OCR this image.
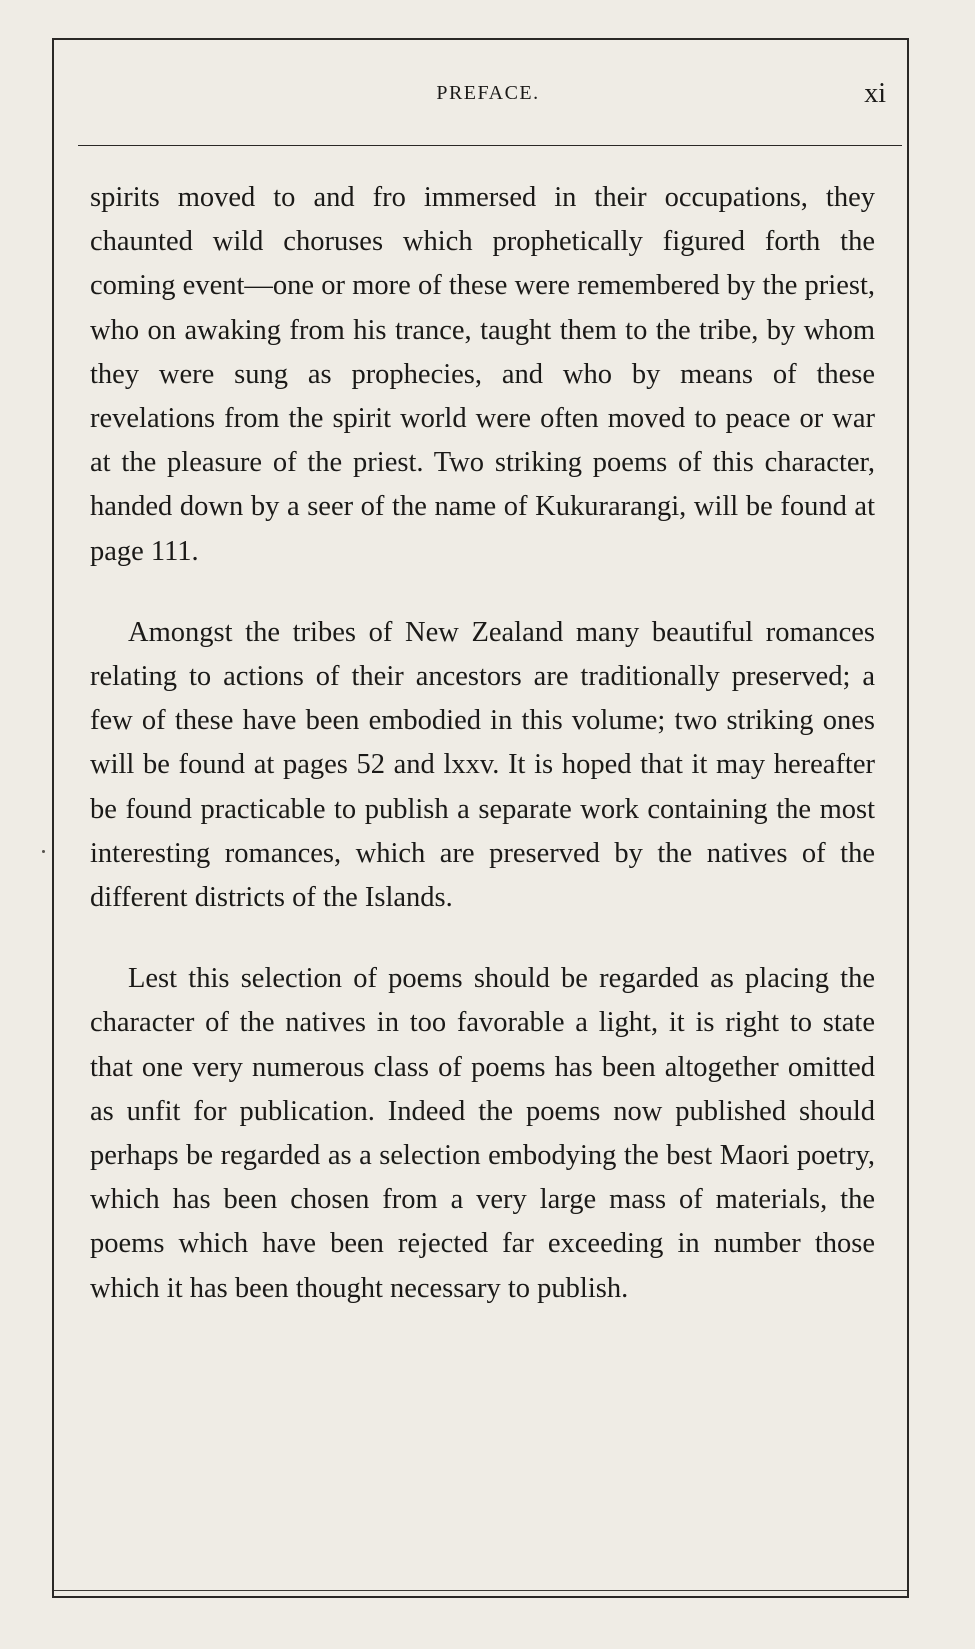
PREFACE.	xi

spirits moved to and fro immersed in their occupations, they chaunted wild choruses which prophetically figured forth the coming event—one or more of these were remembered by the priest, who on awaking from his trance, taught them to the tribe, by whom they were sung as prophecies, and who by means of these revelations from the spirit world were often moved to peace or war at the pleasure of the priest. Two striking poems of this character, handed down by a seer of the name of Kukurarangi, will be found at page 111.

Amongst the tribes of New Zealand many beautiful romances relating to actions of their ancestors are traditionally preserved; a few of these have been embodied in this volume; two striking ones will be found at pages 52 and lxxv. It is hoped that it may hereafter be found practicable to publish a separate work containing the most interesting romances, which are preserved by the natives of the different districts of the Islands.

Lest this selection of poems should be regarded as placing the character of the natives in too favorable a light, it is right to state that one very numerous class of poems has been altogether omitted as unfit for publication. Indeed the poems now published should perhaps be regarded as a selection embodying the best Maori poetry, which has been chosen from a very large mass of materials, the poems which have been rejected far exceeding in number those which it has been thought necessary to publish.
